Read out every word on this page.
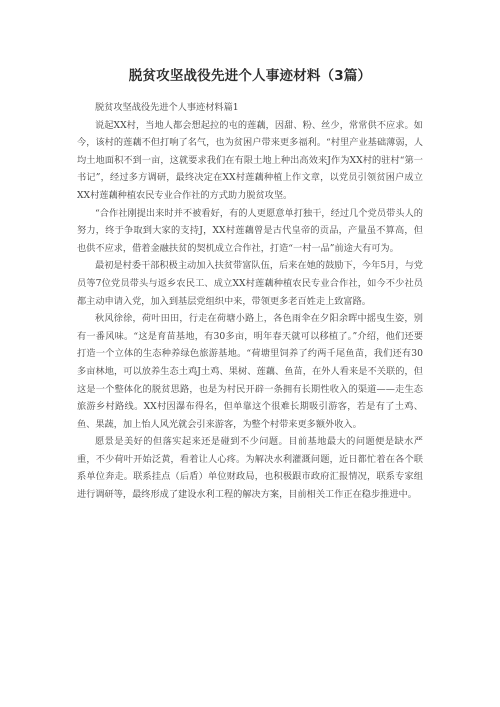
脱贫攻坚战役先进个人事迹材料（3篇）

脱贫攻坚战役先进个人事迹材料篇1

说起XX村，当地人都会想起拉的屯的莲藕，因甜、粉、丝少，常常供不应求。如今，该村的莲藕不但打响了名气，也为贫困户带来更多福利。“村里产业基础薄弱，人均土地面积不到一亩，这就要求我们在有限土地上种出高效来J作为XX村的驻村“第一书记”，经过多方调研，最终决定在XX村莲藕种植上作文章，以党员引领贫困户成立XX村莲藕种植农民专业合作社的方式助力脱贫攻坚。

“合作社刚提出来时并不被看好，有的人更愿意单打独干，经过几个党员带头人的努力，终于争取到大家的支持J，XX村莲藕曾是古代皇帝的贡品，产量虽不算高，但也供不应求，借着金融扶贫的契机成立合作社，打造“一村一品”前途大有可为。

最初是村委干部积极主动加入扶贫带富队伍，后来在她的鼓励下，今年5月，与党员等7位党员带头与返乡农民工、成立XX村莲藕种植农民专业合作社，如今不少社员都主动申请入党，加入到基层党组织中来，带领更多老百姓走上致富路。

秋风徐徐，荷叶田田，行走在荷塘小路上，各色雨伞在夕阳余晖中摇曳生姿，别有一番风味。“这是育苗基地，有30多亩，明年春天就可以移植了。”介绍，他们还要打造一个立体的生态种养绿色旅游基地。“荷塘里饲养了约两千尾鱼苗，我们还有30多亩林地，可以放养生态土鸡J土鸡、果树、莲藕、鱼苗，在外人看来是不关联的，但这是一个整体化的脱贫思路，也是为村民开辟一条拥有长期性收入的渠道——走生态旅游乡村路线。XX村因瀑布得名，但单靠这个很难长期吸引游客，若是有了土鸡、鱼、果蔬，加上怡人风光就会引来游客，为整个村带来更多额外收入。

愿景是美好的但落实起来还是碰到不少问题。目前基地最大的问题便是缺水严重，不少荷叶开始泛黄，看着让人心疼。为解决水利灌溉问题，近日都忙着在各个联系单位奔走。联系挂点（后盾）单位财政局，也积极跟市政府汇报情况，联系专家组进行调研等，最终形成了建设水利工程的解决方案，目前相关工作正在稳步推进中。
